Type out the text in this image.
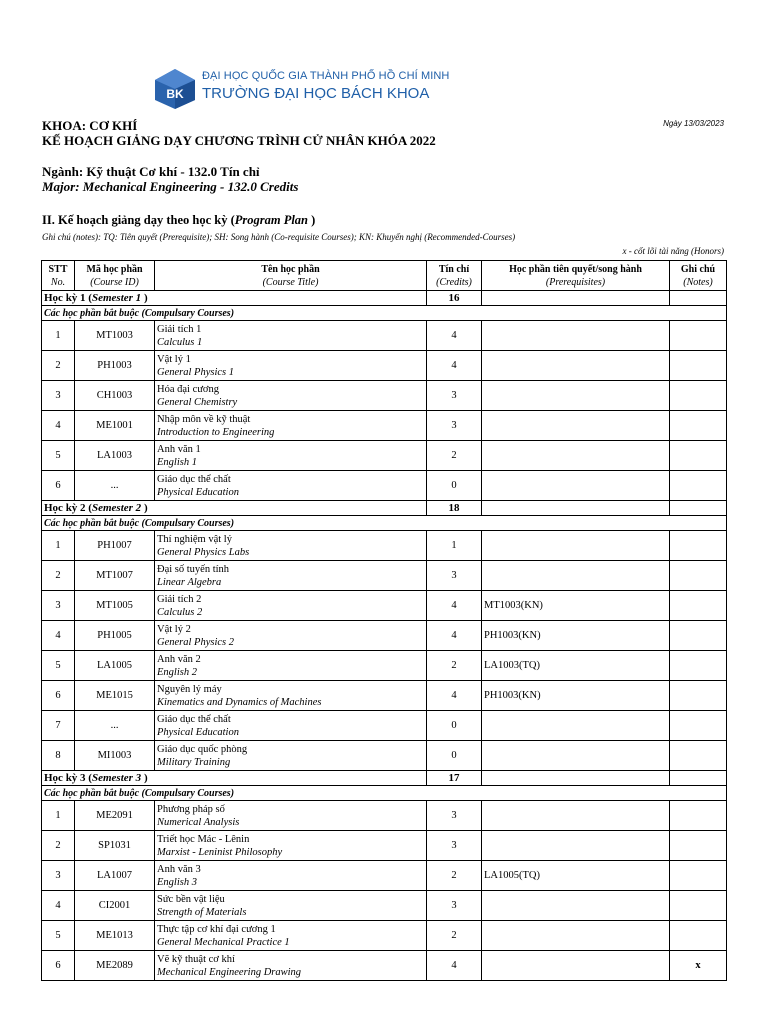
BK
ĐẠI HỌC QUỐC GIA THÀNH PHỐ HỒ CHÍ MINH
TRƯỜNG ĐẠI HỌC BÁCH KHOA
Ngày 13/03/2023
KHOA: CƠ KHÍ
KẾ HOẠCH GIẢNG DẠY CHƯƠNG TRÌNH CỬ NHÂN KHÓA 2022
Ngành: Kỹ thuật Cơ khí - 132.0 Tín chỉ
Major: Mechanical Engineering - 132.0 Credits
II. Kế hoạch giảng dạy theo học kỳ (Program Plan )
Ghi chú (notes): TQ: Tiên quyết (Prerequisite); SH: Song hành (Co-requisite Courses); KN: Khuyến nghị (Recommended-Courses)
x - cốt lõi tài năng (Honors)
STT
No.	Mã học phần
(Course ID)	Tên học phần
(Course Title)	Tín chỉ
(Credits)	Học phần tiên quyết/song hành
(Prerequisites)	Ghi chú
(Notes)
Học kỳ 1 (Semester 1 )			16		
Các học phần bắt buộc (Compulsary Courses)					
1	MT1003	Giải tích 1
Calculus 1	4		
2	PH1003	Vật lý 1
General Physics 1	4		
3	CH1003	Hóa đại cương
General Chemistry	3		
4	ME1001	Nhập môn về kỹ thuật
Introduction to Engineering	3		
5	LA1003	Anh văn 1
English 1	2		
6	...	Giáo dục thể chất
Physical Education	0		
Học kỳ 2 (Semester 2 )			18		
Các học phần bắt buộc (Compulsary Courses)					
1	PH1007	Thí nghiệm vật lý
General Physics Labs	1		
2	MT1007	Đại số tuyến tính
Linear Algebra	3		
3	MT1005	Giải tích 2
Calculus 2	4	MT1003(KN)	
4	PH1005	Vật lý 2
General Physics 2	4	PH1003(KN)	
5	LA1005	Anh văn 2
English 2	2	LA1003(TQ)	
6	ME1015	Nguyên lý máy
Kinematics and Dynamics of Machines	4	PH1003(KN)	
7	...	Giáo dục thể chất
Physical Education	0		
8	MI1003	Giáo dục quốc phòng
Military Training	0		
Học kỳ 3 (Semester 3 )			17		
Các học phần bắt buộc (Compulsary Courses)					
1	ME2091	Phương pháp số
Numerical Analysis	3		
2	SP1031	Triết học Mác - Lênin
Marxist - Leninist Philosophy	3		
3	LA1007	Anh văn 3
English 3	2	LA1005(TQ)	
4	CI2001	Sức bền vật liệu
Strength of Materials	3		
5	ME1013	Thực tập cơ khí đại cương 1
General Mechanical Practice 1	2		
6	ME2089	Vẽ kỹ thuật cơ khí
Mechanical Engineering Drawing	4		x
